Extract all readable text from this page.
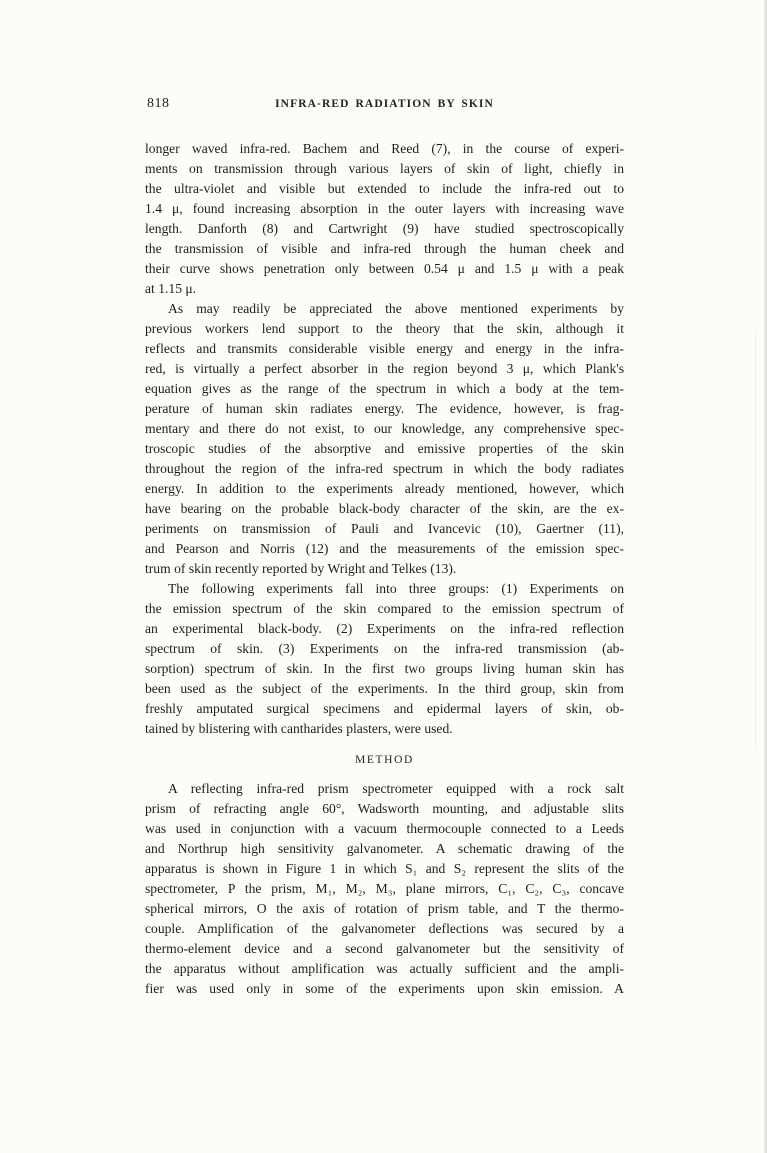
818	INFRA-RED RADIATION BY SKIN
longer waved infra-red. Bachem and Reed (7), in the course of experi-
ments on transmission through various layers of skin of light, chiefly in
the ultra-violet and visible but extended to include the infra-red out to
1.4 μ, found increasing absorption in the outer layers with increasing wave
length. Danforth (8) and Cartwright (9) have studied spectroscopically
the transmission of visible and infra-red through the human cheek and
their curve shows penetration only between 0.54 μ and 1.5 μ with a peak
at 1.15 μ.
As may readily be appreciated the above mentioned experiments by
previous workers lend support to the theory that the skin, although it
reflects and transmits considerable visible energy and energy in the infra-
red, is virtually a perfect absorber in the region beyond 3 μ, which Plank's
equation gives as the range of the spectrum in which a body at the tem-
perature of human skin radiates energy. The evidence, however, is frag-
mentary and there do not exist, to our knowledge, any comprehensive spec-
troscopic studies of the absorptive and emissive properties of the skin
throughout the region of the infra-red spectrum in which the body radiates
energy. In addition to the experiments already mentioned, however, which
have bearing on the probable black-body character of the skin, are the ex-
periments on transmission of Pauli and Ivancevic (10), Gaertner (11),
and Pearson and Norris (12) and the measurements of the emission spec-
trum of skin recently reported by Wright and Telkes (13).
The following experiments fall into three groups: (1) Experiments on
the emission spectrum of the skin compared to the emission spectrum of
an experimental black-body. (2) Experiments on the infra-red reflection
spectrum of skin. (3) Experiments on the infra-red transmission (ab-
sorption) spectrum of skin. In the first two groups living human skin has
been used as the subject of the experiments. In the third group, skin from
freshly amputated surgical specimens and epidermal layers of skin, ob-
tained by blistering with cantharides plasters, were used.
METHOD
A reflecting infra-red prism spectrometer equipped with a rock salt
prism of refracting angle 60°, Wadsworth mounting, and adjustable slits
was used in conjunction with a vacuum thermocouple connected to a Leeds
and Northrup high sensitivity galvanometer. A schematic drawing of the
apparatus is shown in Figure 1 in which S₁ and S₂ represent the slits of the
spectrometer, P the prism, M₁, M₂, M₃, plane mirrors, C₁, C₂, C₃, concave
spherical mirrors, O the axis of rotation of prism table, and T the thermo-
couple. Amplification of the galvanometer deflections was secured by a
thermo-element device and a second galvanometer but the sensitivity of
the apparatus without amplification was actually sufficient and the ampli-
fier was used only in some of the experiments upon skin emission. A
